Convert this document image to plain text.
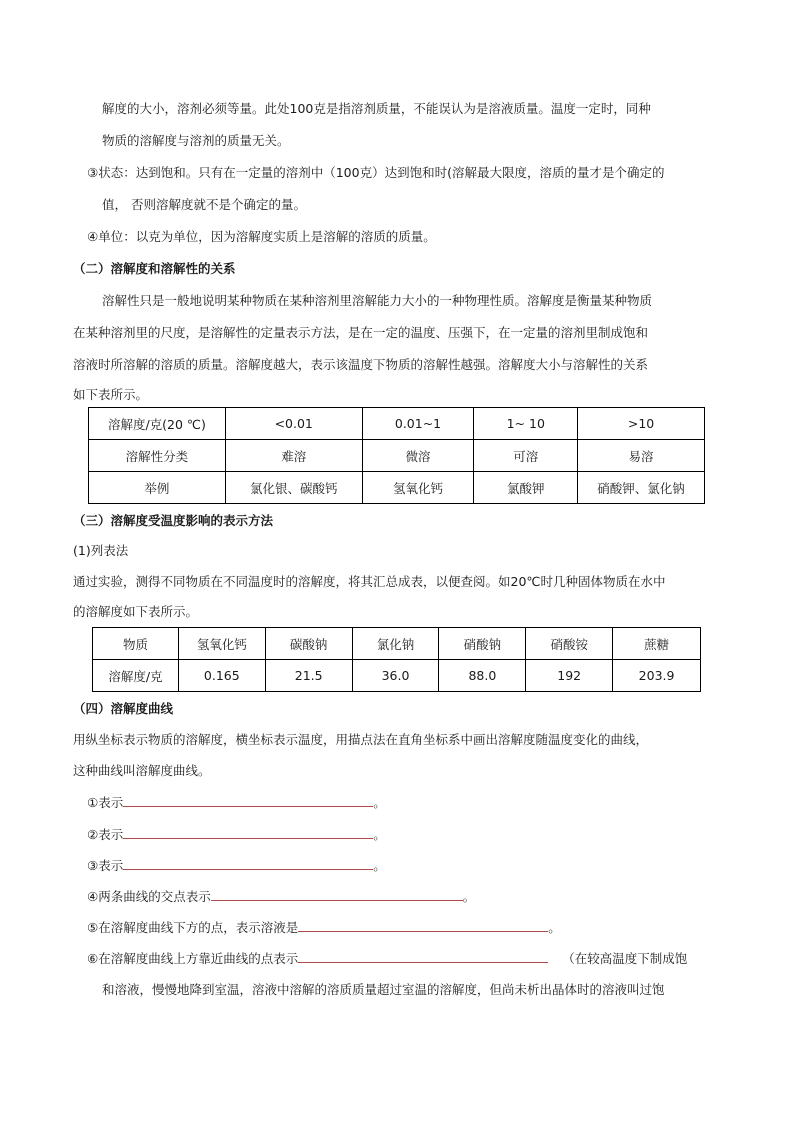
解度的大小，溶剂必须等量。此处100克是指溶剂质量，不能误认为是溶液质量。温度一定时，同种
物质的溶解度与溶剂的质量无关。
③状态：达到饱和。只有在一定量的溶剂中（100克）达到饱和时(溶解最大限度，溶质的量才是个确定的
值， 否则溶解度就不是个确定的量。
④单位：以克为单位，因为溶解度实质上是溶解的溶质的质量。
（二）溶解度和溶解性的关系
溶解性只是一般地说明某种物质在某种溶剂里溶解能力大小的一种物理性质。溶解度是衡量某种物质
在某种溶剂里的尺度，是溶解性的定量表示方法，是在一定的温度、压强下，在一定量的溶剂里制成饱和
溶液时所溶解的溶质的质量。溶解度越大，表示该温度下物质的溶解性越强。溶解度大小与溶解性的关系
如下表所示。
溶解度/克(20 ℃)	<0.01	0.01~1	1~ 10	>10
溶解性分类	难溶	微溶	可溶	易溶
举例	氯化银、碳酸钙	氢氧化钙	氯酸钾	硝酸钾、氯化钠
（三）溶解度受温度影响的表示方法
(1)列表法
通过实验，测得不同物质在不同温度时的溶解度，将其汇总成表，以便查阅。如20℃时几种固体物质在水中
的溶解度如下表所示。
物质	氢氧化钙	碳酸钠	氯化钠	硝酸钠	硝酸铵	蔗糖
溶解度/克	0.165	21.5	36.0	88.0	192	203.9
（四）溶解度曲线
用纵坐标表示物质的溶解度，横坐标表示温度，用描点法在直角坐标系中画出溶解度随温度变化的曲线，
这种曲线叫溶解度曲线。
①表示	。
②表示	。
③表示	。
④两条曲线的交点表示	。
⑤在溶解度曲线下方的点，表示溶液是	。
⑥在溶解度曲线上方靠近曲线的点表示	（在较高温度下制成饱
和溶液，慢慢地降到室温，溶液中溶解的溶质质量超过室温的溶解度，但尚未析出晶体时的溶液叫过饱
